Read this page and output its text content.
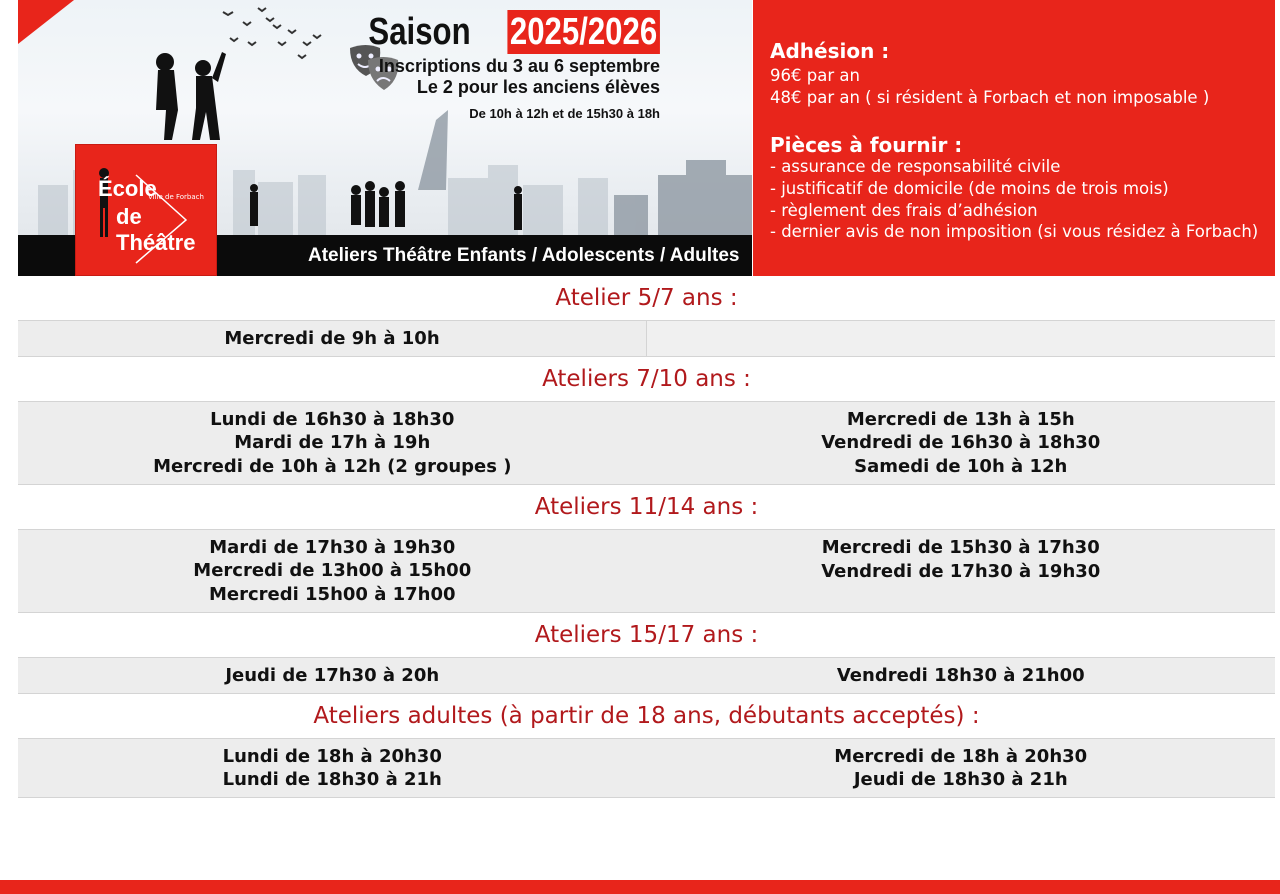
Ateliers Théâtre Enfants / Adolescents / Adultes
Saison 2025/2026
Inscriptions du 3 au 6 septembre
Le 2 pour les anciens élèves
De 10h à 12h et de 15h30 à 18h
École
Ville de Forbach
de
Théâtre
Adhésion :
96€ par an
48€ par an ( si résident à Forbach et non imposable )
Pièces à fournir :
- assurance de responsabilité civile
- justificatif de domicile (de moins de trois mois)
- règlement des frais d’adhésion
- dernier avis de non imposition (si vous résidez à Forbach)
Atelier 5/7 ans :
Mercredi de 9h à 10h
Ateliers 7/10 ans :
Lundi de 16h30 à 18h30
Mardi de 17h à 19h
Mercredi de 10h à 12h (2 groupes )
Mercredi de 13h à 15h
Vendredi de 16h30 à 18h30
Samedi de 10h à 12h
Ateliers 11/14 ans :
Mardi de 17h30 à 19h30
Mercredi de 13h00 à 15h00
Mercredi 15h00 à 17h00
Mercredi de 15h30 à 17h30
Vendredi de 17h30 à 19h30
Ateliers 15/17 ans :
Jeudi de 17h30 à 20h	Vendredi 18h30 à 21h00
Ateliers adultes (à partir de 18 ans, débutants acceptés) :
Lundi de 18h à 20h30
Lundi de 18h30 à 21h
Mercredi de 18h à 20h30
Jeudi de 18h30 à 21h
